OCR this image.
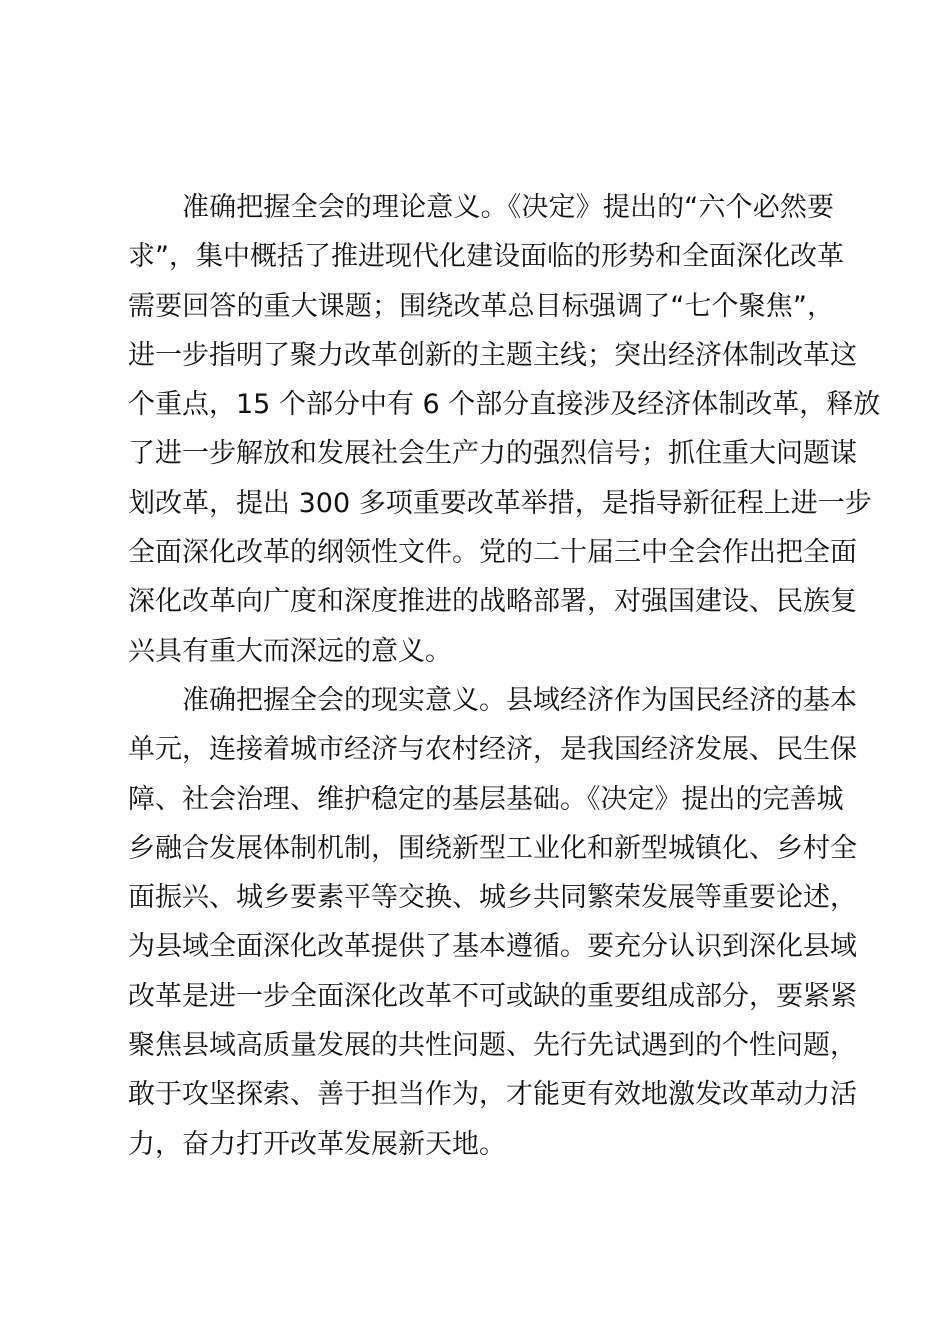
准确把握全会的理论意义。《决定》提出的“六个必然要
求”，集中概括了推进现代化建设面临的形势和全面深化改革
需要回答的重大课题；围绕改革总目标强调了“七个聚焦”，
进一步指明了聚力改革创新的主题主线；突出经济体制改革这
个重点，15 个部分中有 6 个部分直接涉及经济体制改革，释放
了进一步解放和发展社会生产力的强烈信号；抓住重大问题谋
划改革，提出 300 多项重要改革举措，是指导新征程上进一步
全面深化改革的纲领性文件。党的二十届三中全会作出把全面
深化改革向广度和深度推进的战略部署，对强国建设、民族复
兴具有重大而深远的意义。
准确把握全会的现实意义。县域经济作为国民经济的基本
单元，连接着城市经济与农村经济，是我国经济发展、民生保
障、社会治理、维护稳定的基层基础。《决定》提出的完善城
乡融合发展体制机制，围绕新型工业化和新型城镇化、乡村全
面振兴、城乡要素平等交换、城乡共同繁荣发展等重要论述，
为县域全面深化改革提供了基本遵循。要充分认识到深化县域
改革是进一步全面深化改革不可或缺的重要组成部分，要紧紧
聚焦县域高质量发展的共性问题、先行先试遇到的个性问题，
敢于攻坚探索、善于担当作为，才能更有效地激发改革动力活
力，奋力打开改革发展新天地。
